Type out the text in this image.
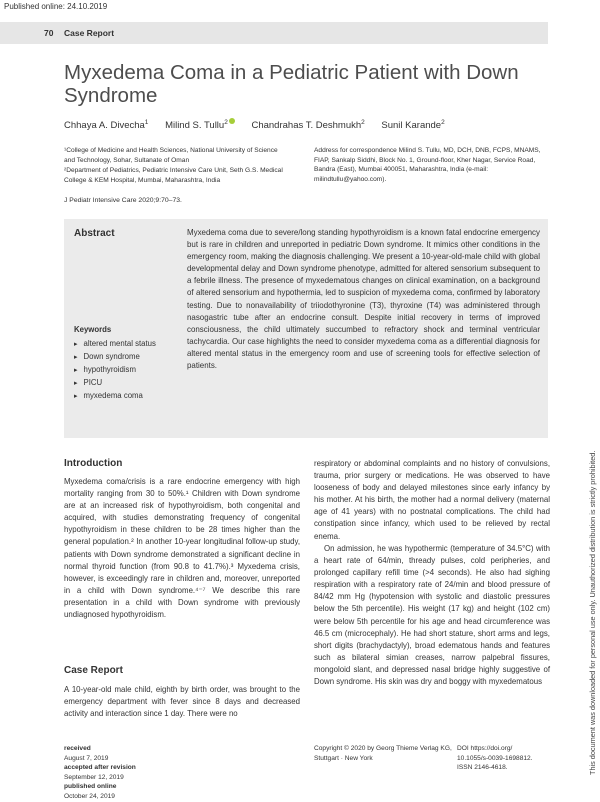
Published online: 24.10.2019
70 Case Report
Myxedema Coma in a Pediatric Patient with Down Syndrome
Chhaya A. Divecha$^1$ Milind S. Tullu$^2$ Chandrahas T. Deshmukh$^2$ Sunil Karande$^2$
¹College of Medicine and Health Sciences, National University of Science and Technology, Sohar, Sultanate of Oman
²Department of Pediatrics, Pediatric Intensive Care Unit, Seth G.S. Medical College & KEM Hospital, Mumbai, Maharashtra, India
Address for correspondence Milind S. Tullu, MD, DCH, DNB, FCPS, MNAMS, FIAP, Sankalp Siddhi, Block No. 1, Ground-floor, Kher Nagar, Service Road, Bandra (East), Mumbai 400051, Maharashtra, India (e-mail: milindtullu@yahoo.com).
J Pediatr Intensive Care 2020;9:70–73.
Abstract	Myxedema coma due to severe/long standing hypothyroidism is a known fatal endocrine emergency but is rare in children and unreported in pediatric Down syndrome. It mimics other conditions in the emergency room, making the diagnosis challenging. We present a 10-year-old-male child with global developmental delay and Down syndrome phenotype, admitted for altered sensorium subsequent to a febrile illness. The presence of myxedematous changes on clinical examination, on a background of altered sensorium and hypothermia, led to suspicion of myxedema coma, confirmed by laboratory testing. Due to nonavailability of triiodothyronine (T3), thyroxine (T4) was administered through nasogastric tube after an endocrine consult. Despite initial recovery in terms of improved consciousness, the child ultimately succumbed to refractory shock and terminal ventricular tachycardia. Our case highlights the need to consider myxedema coma as a differential diagnosis for altered mental status in the emergency room and use of screening tools for effective selection of patients.
Keywords
▸ altered mental status
▸ Down syndrome
▸ hypothyroidism
▸ PICU
▸ myxedema coma
Introduction
Myxedema coma/crisis is a rare endocrine emergency with high mortality ranging from 30 to 50%.¹ Children with Down syndrome are at an increased risk of hypothyroidism, both congenital and acquired, with studies demonstrating frequency of congenital hypothyroidism in these children to be 28 times higher than the general population.² In another 10-year longitudinal follow-up study, patients with Down syndrome demonstrated a significant decline in normal thyroid function (from 90.8 to 41.7%).³ Myxedema crisis, however, is exceedingly rare in children and, moreover, unreported in a child with Down syndrome.⁴⁻⁷ We describe this rare presentation in a child with Down syndrome with previously undiagnosed hypothyroidism.
Case Report
A 10-year-old male child, eighth by birth order, was brought to the emergency department with fever since 8 days and decreased activity and interaction since 1 day. There were no
respiratory or abdominal complaints and no history of convulsions, trauma, prior surgery or medications. He was observed to have looseness of body and delayed milestones since early infancy by his mother. At his birth, the mother had a normal delivery (maternal age of 41 years) with no postnatal complications. The child had constipation since infancy, which used to be relieved by rectal enema.
On admission, he was hypothermic (temperature of 34.5°C) with a heart rate of 64/min, thready pulses, cold peripheries, and prolonged capillary refill time (>4 seconds). He also had sighing respiration with a respiratory rate of 24/min and blood pressure of 84/42 mm Hg (hypotension with systolic and diastolic pressures below the 5th percentile). His weight (17 kg) and height (102 cm) were below 5th percentile for his age and head circumference was 46.5 cm (microcephaly). He had short stature, short arms and legs, short digits (brachydactyly), broad edematous hands and features such as bilateral simian creases, narrow palpebral fissures, mongoloid slant, and depressed nasal bridge highly suggestive of Down syndrome. His skin was dry and boggy with myxedematous
received
August 7, 2019
accepted after revision
September 12, 2019
published online
October 24, 2019
Copyright © 2020 by Georg Thieme Verlag KG, Stuttgart · New York
DOI https://doi.org/
10.1055/s-0039-1698812.
ISSN 2146-4618.	This document was downloaded for personal use only. Unauthorized distribution is strictly prohibited.
